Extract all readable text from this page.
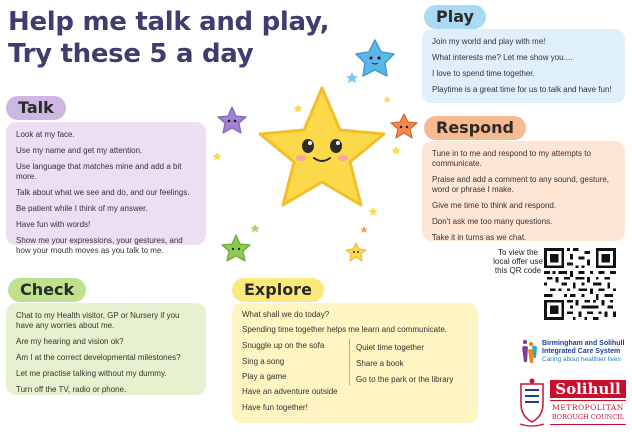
Help me talk and play,
Try these 5 a day
Talk

Look at my face.

Use my name and get my attention.

Use language that matches mine and add a bit more.

Talk about what we see and do, and our feelings.

Be patient while I think of my answer.

Have fun with words!

Show me your expressions, your gestures, and how your mouth moves as you talk to me.

Play

Join my world and play with me!

What interests me? Let me show you....

I love to spend time together.

Playtime is a great time for us to talk and have fun!

Respond

Tune in to me and respond to my attempts to communicate.

Praise and add a comment to any sound, gesture, word or phrase I make.

Give me time to think and respond.

Don't ask me too many questions.

Take it in turns as we chat.

Check

Chat to my Health visitor, GP or Nursery if you have any worries about me.

Are my hearing and vision ok?

Am I at the correct developmental milestones?

Let me practise talking without my dummy.

Turn off the TV, radio or phone.

Explore
What shall we do today?
Spending time together helps me learn and communicate.
Snuggle up on the sofa
Sing a song
Play a game
Have an adventure outside
Have fun together!
Quiet time together
Share a book
Go to the park or the library
To view the local offer use this QR code
Birmingham and Solihull
Integrated Care System
Caring about healthier lives
Solihull
METROPOLITAN
BOROUGH COUNCIL
